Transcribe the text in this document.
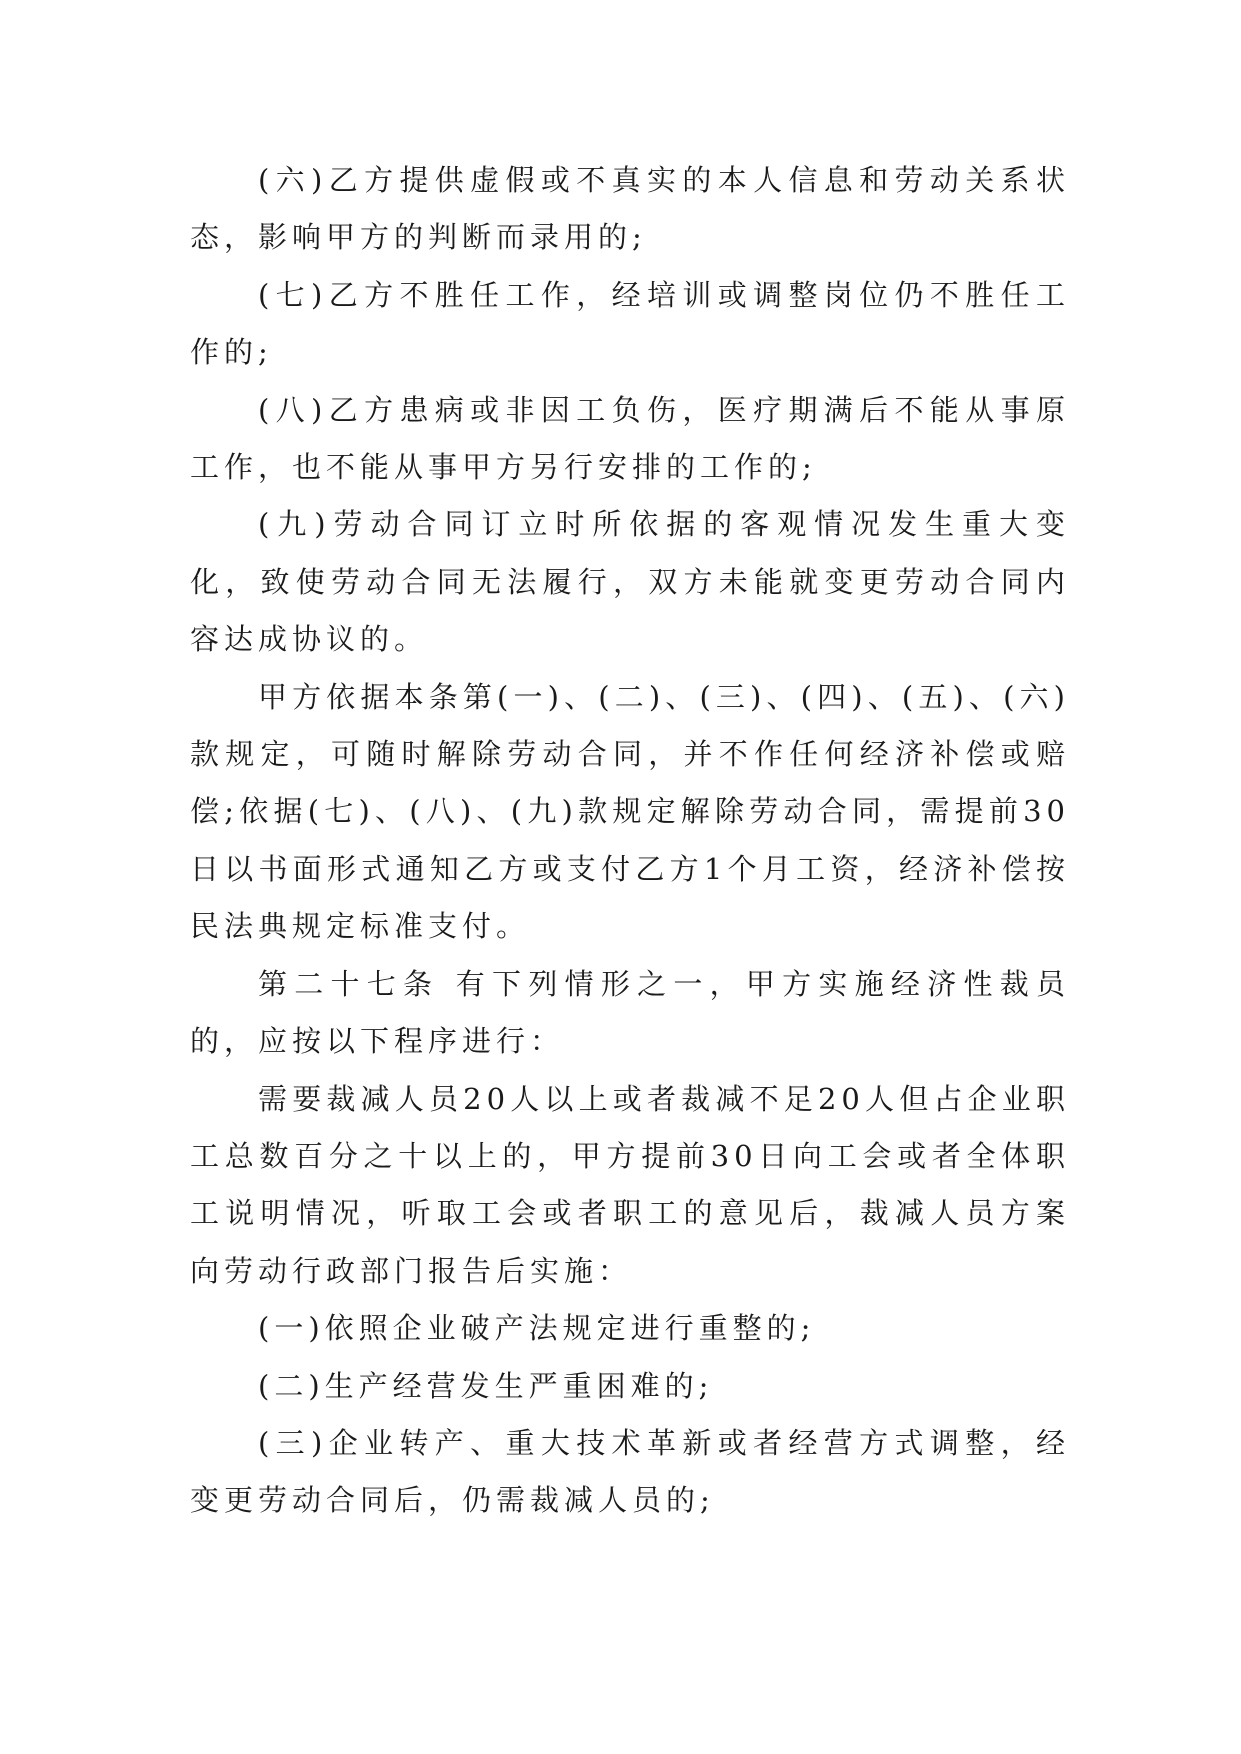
(六)乙方提供虚假或不真实的本人信息和劳动关系状态，影响甲方的判断而录用的;

(七)乙方不胜任工作，经培训或调整岗位仍不胜任工作的;

(八)乙方患病或非因工负伤，医疗期满后不能从事原工作，也不能从事甲方另行安排的工作的;

(九)劳动合同订立时所依据的客观情况发生重大变化，致使劳动合同无法履行，双方未能就变更劳动合同内容达成协议的。

甲方依据本条第(一)、(二)、(三)、(四)、(五)、(六)款规定，可随时解除劳动合同，并不作任何经济补偿或赔偿;依据(七)、(八)、(九)款规定解除劳动合同，需提前30日以书面形式通知乙方或支付乙方1个月工资，经济补偿按民法典规定标准支付。

第二十七条 有下列情形之一，甲方实施经济性裁员的，应按以下程序进行：

需要裁减人员20人以上或者裁减不足20人但占企业职工总数百分之十以上的，甲方提前30日向工会或者全体职工说明情况，听取工会或者职工的意见后，裁减人员方案向劳动行政部门报告后实施：

(一)依照企业破产法规定进行重整的;

(二)生产经营发生严重困难的;

(三)企业转产、重大技术革新或者经营方式调整，经变更劳动合同后，仍需裁减人员的;
